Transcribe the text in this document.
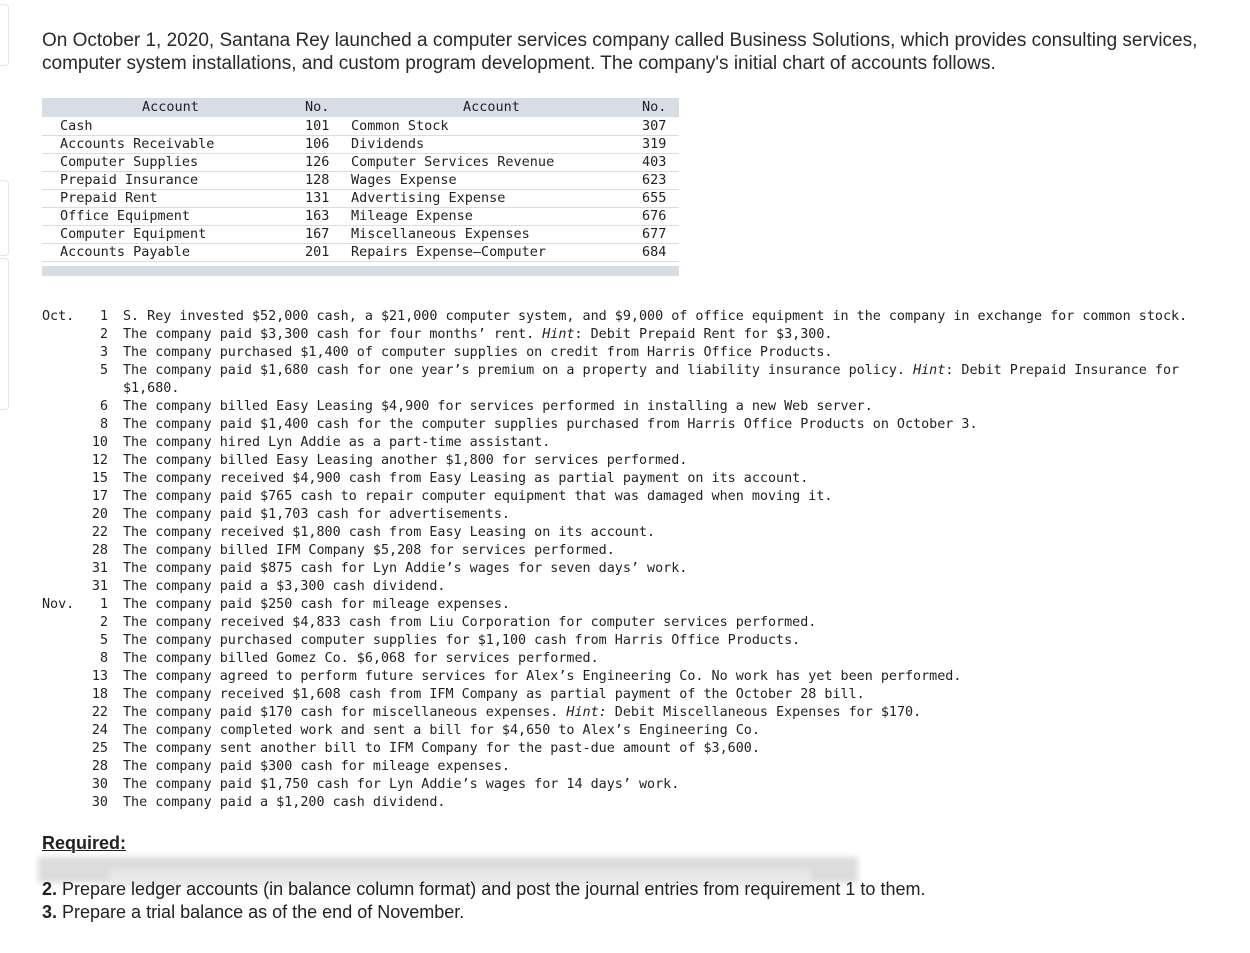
On October 1, 2020, Santana Rey launched a computer services company called Business Solutions, which provides consulting services, computer system installations, and custom program development. The company's initial chart of accounts follows.
Account	No.	Account	No.
Cash	101 Common Stock	307
Accounts Receivable	106 Dividends	319
Computer Supplies	126 Computer Services Revenue	403
Prepaid Insurance	128 Wages Expense	623
Prepaid Rent	131 Advertising Expense	655
Office Equipment	163 Mileage Expense	676
Computer Equipment	167 Miscellaneous Expenses	677
Accounts Payable	201 Repairs Expense—Computer	684
Oct.	1 S. Rey invested $52,000 cash, a $21,000 computer system, and $9,000 of office equipment in the company in exchange for common stock.
2 The company paid $3,300 cash for four months’ rent. Hint: Debit Prepaid Rent for $3,300.
3 The company purchased $1,400 of computer supplies on credit from Harris Office Products.
5 The company paid $1,680 cash for one year’s premium on a property and liability insurance policy. Hint: Debit Prepaid Insurance for
$1,680.
6 The company billed Easy Leasing $4,900 for services performed in installing a new Web server.
8 The company paid $1,400 cash for the computer supplies purchased from Harris Office Products on October 3.
10 The company hired Lyn Addie as a part-time assistant.
12 The company billed Easy Leasing another $1,800 for services performed.
15 The company received $4,900 cash from Easy Leasing as partial payment on its account.
17 The company paid $765 cash to repair computer equipment that was damaged when moving it.
20 The company paid $1,703 cash for advertisements.
22 The company received $1,800 cash from Easy Leasing on its account.
28 The company billed IFM Company $5,208 for services performed.
31 The company paid $875 cash for Lyn Addie’s wages for seven days’ work.
31 The company paid a $3,300 cash dividend.
Nov.	1 The company paid $250 cash for mileage expenses.
2 The company received $4,833 cash from Liu Corporation for computer services performed.
5 The company purchased computer supplies for $1,100 cash from Harris Office Products.
8 The company billed Gomez Co. $6,068 for services performed.
13 The company agreed to perform future services for Alex’s Engineering Co. No work has yet been performed.
18 The company received $1,608 cash from IFM Company as partial payment of the October 28 bill.
22 The company paid $170 cash for miscellaneous expenses. Hint: Debit Miscellaneous Expenses for $170.
24 The company completed work and sent a bill for $4,650 to Alex’s Engineering Co.
25 The company sent another bill to IFM Company for the past-due amount of $3,600.
28 The company paid $300 cash for mileage expenses.
30 The company paid $1,750 cash for Lyn Addie’s wages for 14 days’ work.
30 The company paid a $1,200 cash dividend.
Required:
2. Prepare ledger accounts (in balance column format) and post the journal entries from requirement 1 to them.
3. Prepare a trial balance as of the end of November.
